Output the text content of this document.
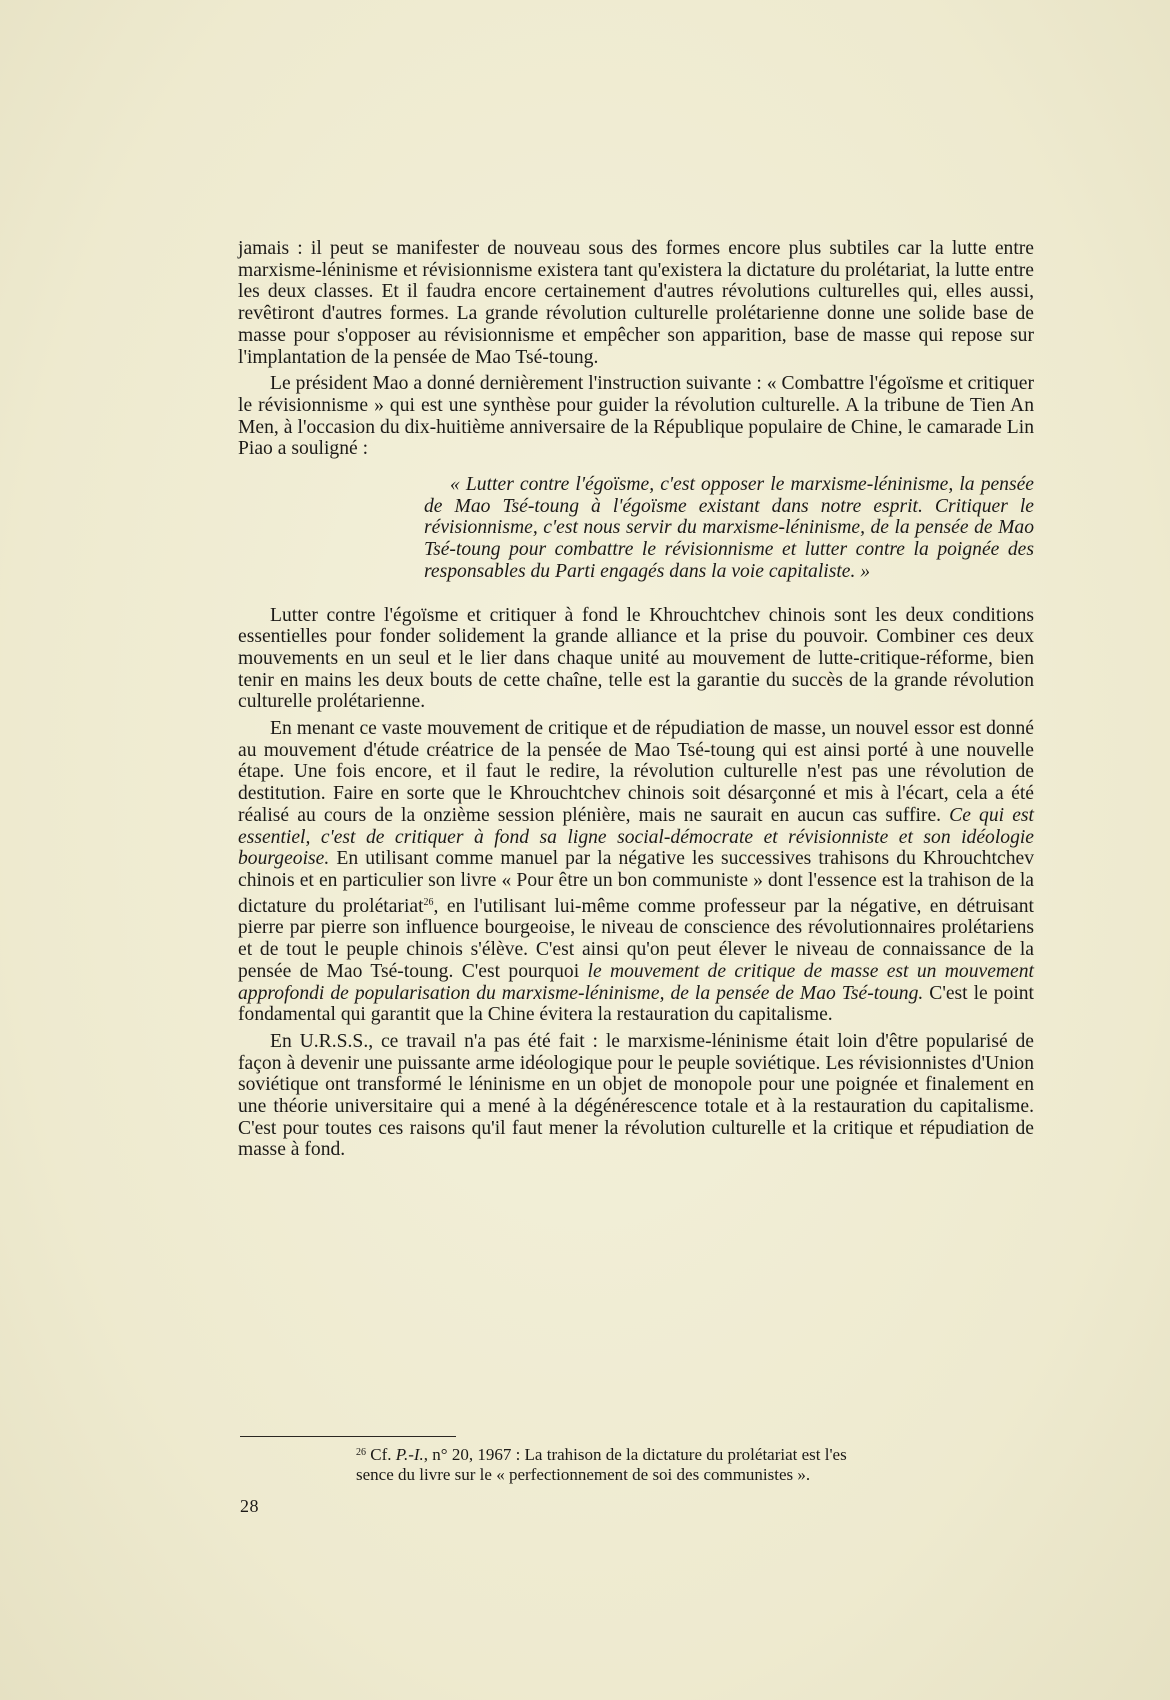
jamais : il peut se manifester de nouveau sous des formes encore plus subtiles car la lutte entre marxisme-léninisme et révisionnisme existera tant qu'existera la dictature du prolétariat, la lutte entre les deux classes. Et il faudra encore certainement d'autres révolutions culturelles qui, elles aussi, revêtiront d'autres formes. La grande révolution culturelle prolétarienne donne une solide base de masse pour s'opposer au révisionnisme et empêcher son apparition, base de masse qui repose sur l'implantation de la pensée de Mao Tsé-toung.

Le président Mao a donné dernièrement l'instruction suivante : « Combattre l'égoïsme et critiquer le révisionnisme » qui est une synthèse pour guider la révolution culturelle. A la tribune de Tien An Men, à l'occasion du dix-huitième anniversaire de la République populaire de Chine, le camarade Lin Piao a souligné :

« Lutter contre l'égoïsme, c'est opposer le marxisme-léninisme, la pensée de Mao Tsé-toung à l'égoïsme existant dans notre esprit. Critiquer le révisionnisme, c'est nous servir du marxisme-léninisme, de la pensée de Mao Tsé-toung pour combattre le révisionnisme et lutter contre la poignée des responsables du Parti engagés dans la voie capitaliste. »

Lutter contre l'égoïsme et critiquer à fond le Khrouchtchev chinois sont les deux conditions essentielles pour fonder solidement la grande alliance et la prise du pouvoir. Combiner ces deux mouvements en un seul et le lier dans chaque unité au mouvement de lutte-critique-réforme, bien tenir en mains les deux bouts de cette chaîne, telle est la garantie du succès de la grande révolution culturelle prolétarienne.

En menant ce vaste mouvement de critique et de répudiation de masse, un nouvel essor est donné au mouvement d'étude créatrice de la pensée de Mao Tsé-toung qui est ainsi porté à une nouvelle étape. Une fois encore, et il faut le redire, la révolution culturelle n'est pas une révolution de destitution. Faire en sorte que le Khrouchtchev chinois soit désarçonné et mis à l'écart, cela a été réalisé au cours de la onzième session plénière, mais ne saurait en aucun cas suffire. Ce qui est essentiel, c'est de critiquer à fond sa ligne social-démocrate et révisionniste et son idéologie bourgeoise. En utilisant comme manuel par la négative les successives trahisons du Khrouchtchev chinois et en particulier son livre « Pour être un bon communiste » dont l'essence est la trahison de la dictature du prolétariat$^{26}$, en l'utilisant lui-même comme professeur par la négative, en détruisant pierre par pierre son influence bourgeoise, le niveau de conscience des révolutionnaires prolétariens et de tout le peuple chinois s'élève. C'est ainsi qu'on peut élever le niveau de connaissance de la pensée de Mao Tsé-toung. C'est pourquoi le mouvement de critique de masse est un mouvement approfondi de popularisation du marxisme-léninisme, de la pensée de Mao Tsé-toung. C'est le point fondamental qui garantit que la Chine évitera la restauration du capitalisme.

En U.R.S.S., ce travail n'a pas été fait : le marxisme-léninisme était loin d'être popularisé de façon à devenir une puissante arme idéologique pour le peuple soviétique. Les révisionnistes d'Union soviétique ont transformé le léninisme en un objet de monopole pour une poignée et finalement en une théorie universitaire qui a mené à la dégénérescence totale et à la restauration du capitalisme. C'est pour toutes ces raisons qu'il faut mener la révolution culturelle et la critique et répudiation de masse à fond.

$^{26}$ Cf. P.-I., n° 20, 1967 : La trahison de la dictature du prolétariat est l'es
sence du livre sur le « perfectionnement de soi des communistes ».
28
